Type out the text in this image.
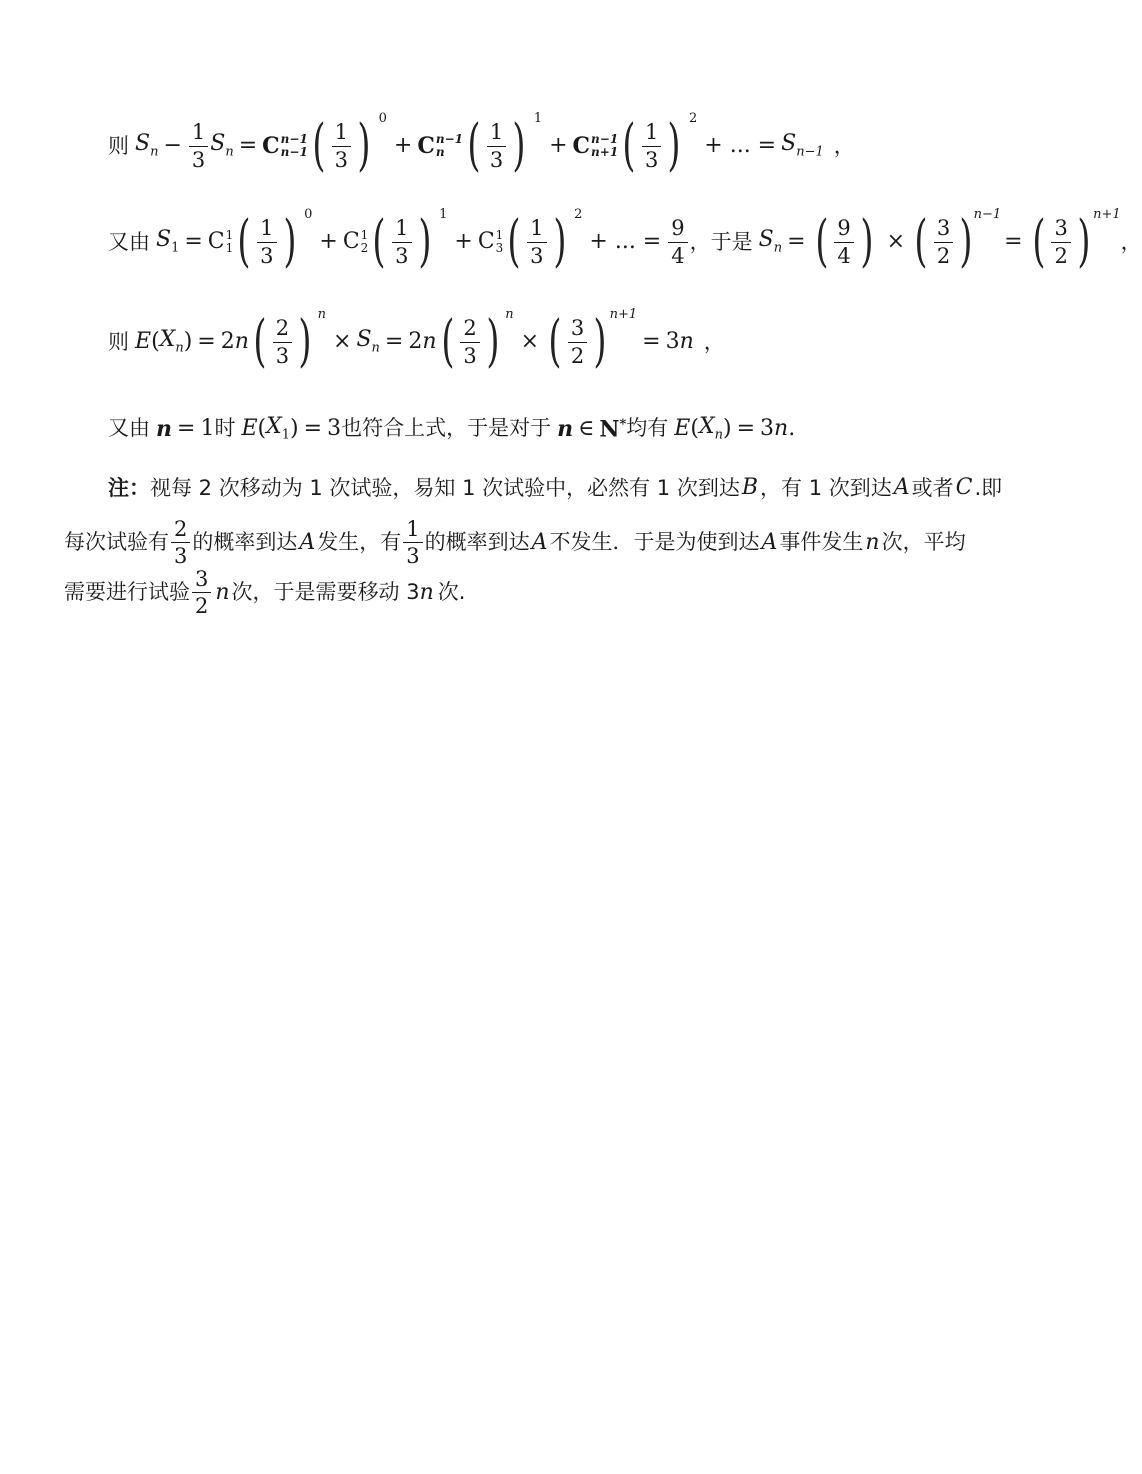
则 $S_n - \frac{1}{3} S_n = C$ n−1
n−1 ( $\frac{1}{3}$ ) 0
+ C n−1
n ( $\frac{1}{3}$ ) 1
+ C n−1
n+1 ( $\frac{1}{3}$ ) 2
+ ... = $S_{n-1}$ ，
又由 $S_1 = C$ 1
1 ( $\frac{1}{3}$ ) 0
+ C 1
2 ( $\frac{1}{3}$ ) 1
+ C 1
3 ( $\frac{1}{3}$ ) 2
+ ... = $\frac{9}{4}$ ，于是 $S_n$ = ( $\frac{9}{4}$ ) × ( $\frac{3}{2}$ ) n−1
= ( $\frac{3}{2}$ ) n+1
，
则 E ( $X_n$ ) = 2n ( $\frac{2}{3}$ ) n
× $S_n = 2n$ ( $\frac{2}{3}$ ) n
× ( $\frac{3}{2}$ ) n+1
= 3n ，
又由 n = 1 时 E ( $X_1$ ) = 3 也符合上式，于是对于 n ∈ N* 均有 E ( $X_n$ ) = 3n .
注： 视每 2 次移动为 1 次试验，易知 1 次试验中，必然有 1 次到达 B ，有 1 次到达 A 或者 C .即
每次试验有 $\frac{2}{3}$ 的概率到达 A 发生，有 $\frac{1}{3}$ 的概率到达 A 不发生．于是为使到达 A 事件发生 n 次，平均
需要进行试验 $\frac{3}{2}$ n 次，于是需要移动 3 n 次.
